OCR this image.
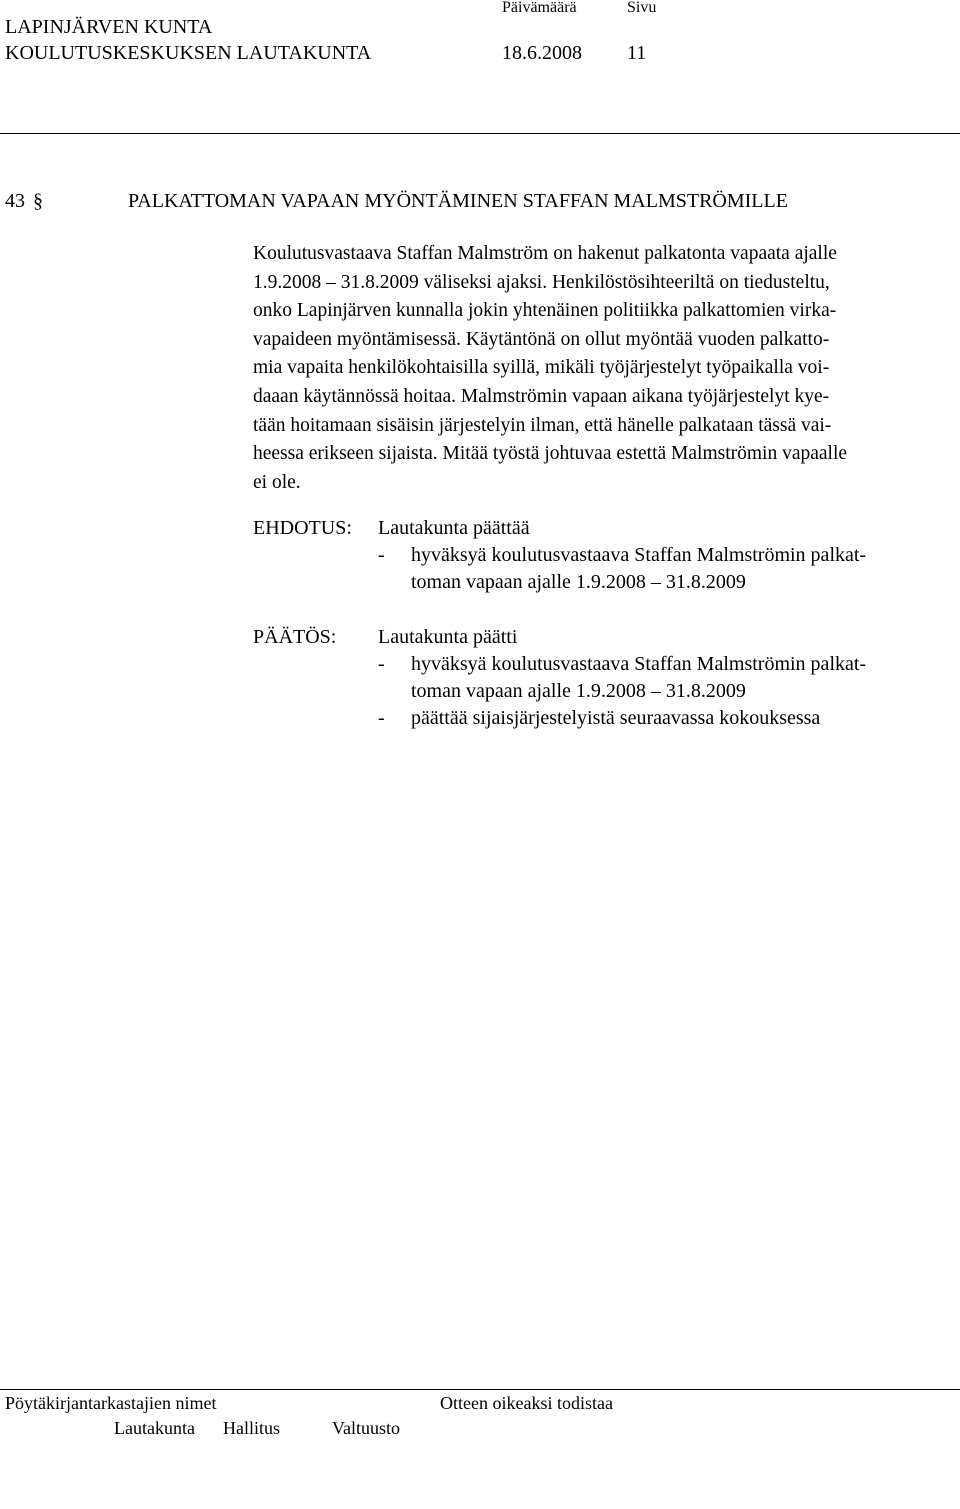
LAPINJÄRVEN KUNTA
KOULUTUSKESKUKSEN LAUTAKUNTA
Päivämäärä	Sivu
18.6.2008 11
43 §	PALKATTOMAN VAPAAN MYÖNTÄMINEN STAFFAN MALMSTRÖMILLE
Koulutusvastaava Staffan Malmström on hakenut palkatonta vapaata ajalle
1.9.2008 – 31.8.2009 väliseksi ajaksi. Henkilöstösihteeriltä on tiedusteltu,
onko Lapinjärven kunnalla jokin yhtenäinen politiikka palkattomien virka-
vapaideen myöntämisessä. Käytäntönä on ollut myöntää vuoden palkatto-
mia vapaita henkilökohtaisilla syillä, mikäli työjärjestelyt työpaikalla voi-
daaan käytännössä hoitaa. Malmströmin vapaan aikana työjärjestelyt kye-
tään hoitamaan sisäisin järjestelyin ilman, että hänelle palkataan tässä vai-
heessa erikseen sijaista. Mitää työstä johtuvaa estettä Malmströmin vapaalle
ei ole.
EHDOTUS: Lautakunta päättää
- hyväksyä koulutusvastaava Staffan Malmströmin palkat-
toman vapaan ajalle 1.9.2008 – 31.8.2009
PÄÄTÖS: Lautakunta päätti
- hyväksyä koulutusvastaava Staffan Malmströmin palkat-
toman vapaan ajalle 1.9.2008 – 31.8.2009
- päättää sijaisjärjestelyistä seuraavassa kokouksessa
Pöytäkirjantarkastajien nimet	Otteen oikeaksi todistaa
Lautakunta Hallitus	Valtuusto
